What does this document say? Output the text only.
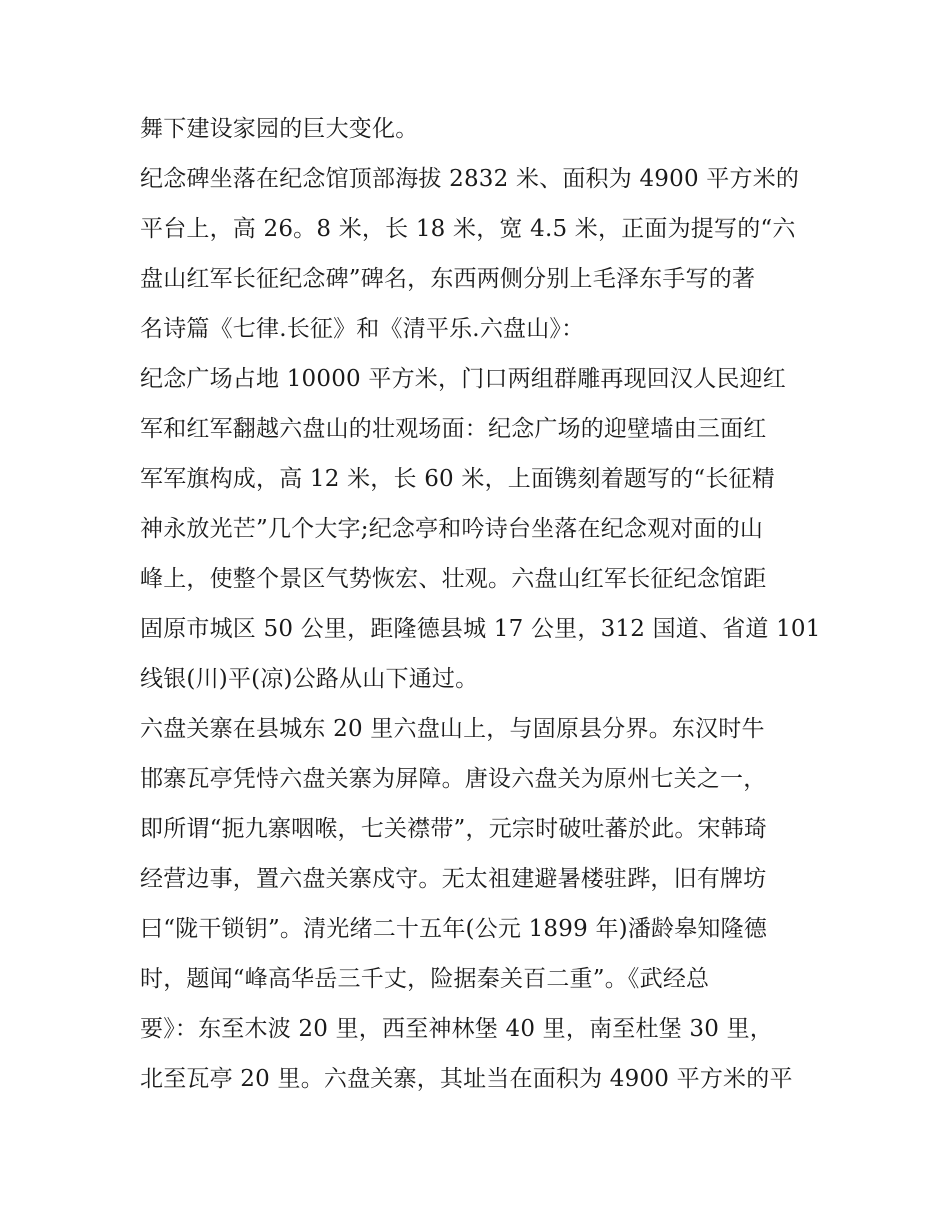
舞下建设家园的巨大变化。
纪念碑坐落在纪念馆顶部海拔 2832 米、面积为 4900 平方米的
平台上，高 26。8 米，长 18 米，宽 4.5 米，正面为提写的“六
盘山红军长征纪念碑”碑名，东西两侧分别上毛泽东手写的著
名诗篇《七律.长征》和《清平乐.六盘山》：
纪念广场占地 10000 平方米，门口两组群雕再现回汉人民迎红
军和红军翻越六盘山的壮观场面：纪念广场的迎壁墙由三面红
军军旗构成，高 12 米，长 60 米，上面镌刻着题写的“长征精
神永放光芒”几个大字;纪念亭和吟诗台坐落在纪念观对面的山
峰上，使整个景区气势恢宏、壮观。六盘山红军长征纪念馆距
固原市城区 50 公里，距隆德县城 17 公里，312 国道、省道 101
线银(川)平(凉)公路从山下通过。
六盘关寨在县城东 20 里六盘山上，与固原县分界。东汉时牛
邯寨瓦亭凭恃六盘关寨为屏障。唐设六盘关为原州七关之一，
即所谓“扼九寨咽喉，七关襟带”，元宗时破吐蕃於此。宋韩琦
经营边事，置六盘关寨戍守。无太祖建避暑楼驻跸，旧有牌坊
曰“陇干锁钥”。清光绪二十五年(公元 1899 年)潘龄皋知隆德
时，题闻“峰高华岳三千丈，险据秦关百二重”。《武经总
要》：东至木波 20 里，西至神林堡 40 里，南至杜堡 30 里，
北至瓦亭 20 里。六盘关寨，其址当在面积为 4900 平方米的平
